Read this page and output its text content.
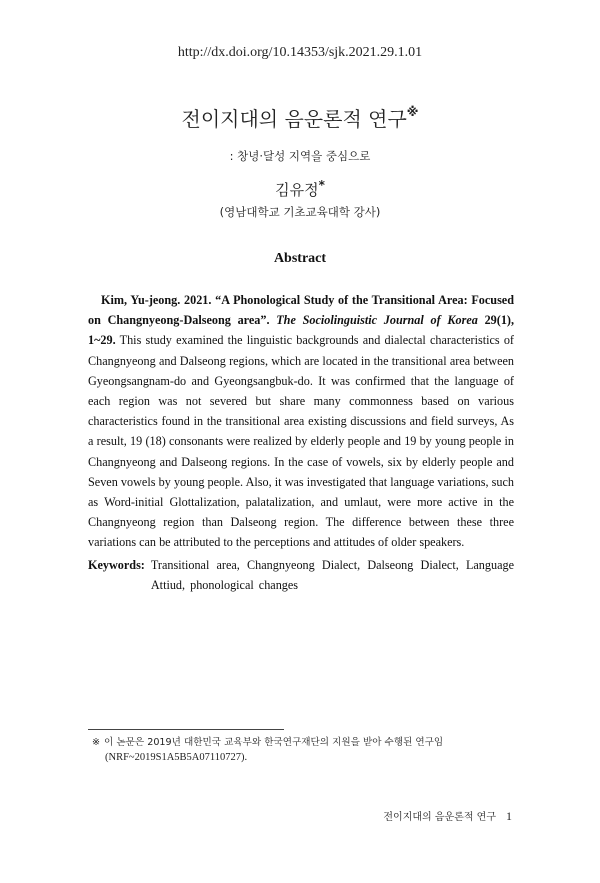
http://dx.doi.org/10.14353/sjk.2021.29.1.01
전이지대의 음운론적 연구※
: 창녕·달성 지역을 중심으로
김유정*
(영남대학교 기초교육대학 강사)
Abstract

Kim, Yu-jeong. 2021. “A Phonological Study of the Transitional Area: Focused on Changnyeong-Dalseong area”. The Sociolinguistic Journal of Korea 29(1), 1~29. This study examined the linguistic backgrounds and dialectal characteristics of Changnyeong and Dalseong regions, which are located in the transitional area between Gyeongsangnam-do and Gyeongsangbuk-do. It was confirmed that the language of each region was not severed but share many commonness based on various characteristics found in the transitional area existing discussions and field surveys, As a result, 19 (18) consonants were realized by elderly people and 19 by young people in Changnyeong and Dalseong regions. In the case of vowels, six by elderly people and Seven vowels by young people. Also, it was investigated that language variations, such as Word-initial Glottalization, palatalization, and umlaut, were more active in the Changnyeong region than Dalseong region. The difference between these three variations can be attributed to the perceptions and attitudes of older speakers.

Keywords: Transitional area, Changnyeong Dialect, Dalseong Dialect, Language Attiud, phonological changes
※ 이 논문은 2019년 대한민국 교육부와 한국연구재단의 지원을 받아 수행된 연구임
(NRF~2019S1A5B5A07110727).
전이지대의 음운론적 연구 1
